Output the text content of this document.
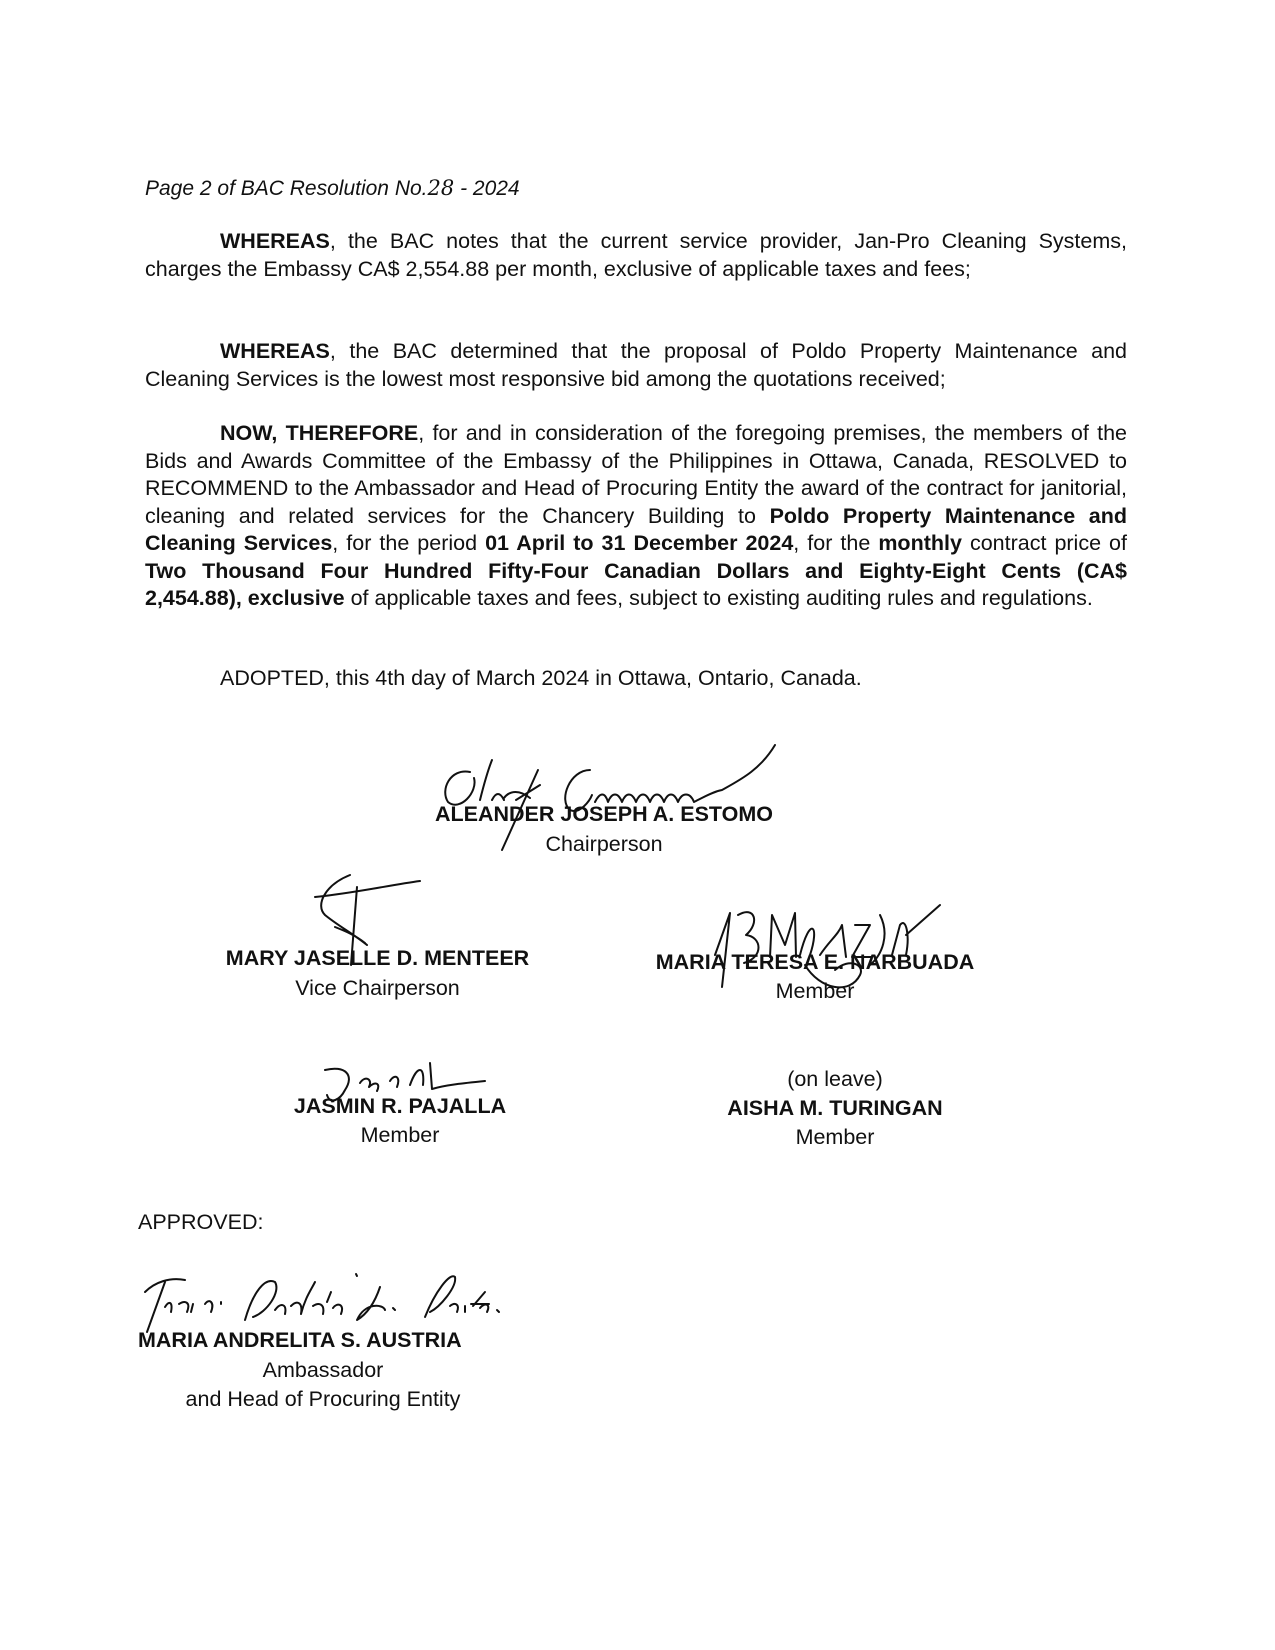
Page 2 of BAC Resolution No.28 - 2024

WHEREAS, the BAC notes that the current service provider, Jan-Pro Cleaning Systems, charges the Embassy CA$ 2,554.88 per month, exclusive of applicable taxes and fees;

WHEREAS, the BAC determined that the proposal of Poldo Property Maintenance and Cleaning Services is the lowest most responsive bid among the quotations received;

NOW, THEREFORE, for and in consideration of the foregoing premises, the members of the Bids and Awards Committee of the Embassy of the Philippines in Ottawa, Canada, RESOLVED to RECOMMEND to the Ambassador and Head of Procuring Entity the award of the contract for janitorial, cleaning and related services for the Chancery Building to Poldo Property Maintenance and Cleaning Services, for the period 01 April to 31 December 2024, for the monthly contract price of Two Thousand Four Hundred Fifty-Four Canadian Dollars and Eighty-Eight Cents (CA$ 2,454.88), exclusive of applicable taxes and fees, subject to existing auditing rules and regulations.

ADOPTED, this 4th day of March 2024 in Ottawa, Ontario, Canada.
ALEANDER JOSEPH A. ESTOMO
Chairperson
MARY JASELLE D. MENTEER
Vice Chairperson
MARIA TERESA E. NARBUADA
Member
JASMIN R. PAJALLA
Member
(on leave)
AISHA M. TURINGAN
Member
APPROVED:
MARIA ANDRELITA S. AUSTRIA
Ambassador
and Head of Procuring Entity
